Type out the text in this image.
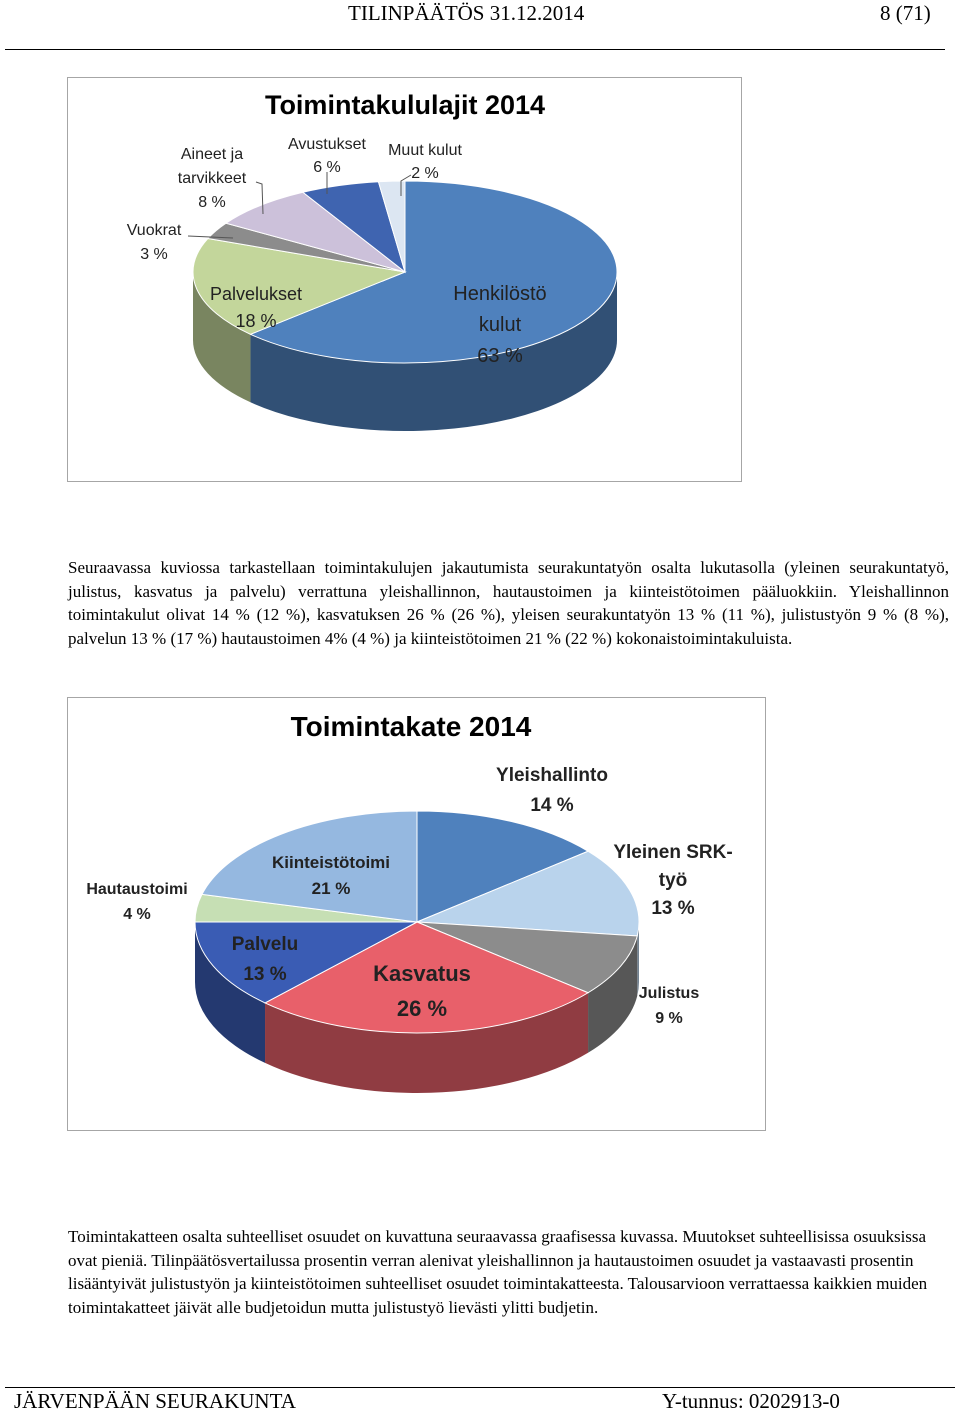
TILINPÄÄTÖS 31.12.2014	8 (71)
Toimintakululajit 2014
Henkilöstö kulut 63 %
Palvelukset 18 %
Vuokrat 3 %
Aineet ja tarvikkeet 8 %
Avustukset 6 %
Muut kulut 2 %

Seuraavassa kuviossa tarkastellaan toimintakulujen jakautumista seurakuntatyön osalta lukutasolla (yleinen seurakuntatyö, julistus, kasvatus ja palvelu) verrattuna yleishallinnon, hautaustoimen ja kiinteistötoimen pääluokkiin. Yleishallinnon toimintakulut olivat 14 % (12 %), kasvatuksen 26 % (26 %), yleisen seurakuntatyön 13 % (11 %), julistustyön 9 % (8 %), palvelun 13 % (17 %) hautaustoimen 4% (4 %) ja kiinteistötoimen 21 % (22 %) kokonaistoimintakuluista.

Toimintakate 2014
Yleishallinto 14 %
Yleinen SRK-työ 13 %
Julistus 9 %
Kasvatus 26 %
Palvelu 13 %
Hautaustoimi 4 %
Kiinteistötoimi 21 %

Toimintakatteen osalta suhteelliset osuudet on kuvattuna seuraavassa graafisessa kuvassa. Muutokset suhteellisissa osuuksissa ovat pieniä. Tilinpäätösvertailussa prosentin verran alenivat yleishallinnon ja hautaustoimen osuudet ja vastaavasti prosentin lisääntyivät julistustyön ja kiinteistötoimen suhteelliset osuudet toimintakatteesta. Talousarvioon verrattaessa kaikkien muiden toimintakatteet jäivät alle budjetoidun mutta julistustyö lievästi ylitti budjetin.

JÄRVENPÄÄN SEURAKUNTA	Y-tunnus: 0202913-0
